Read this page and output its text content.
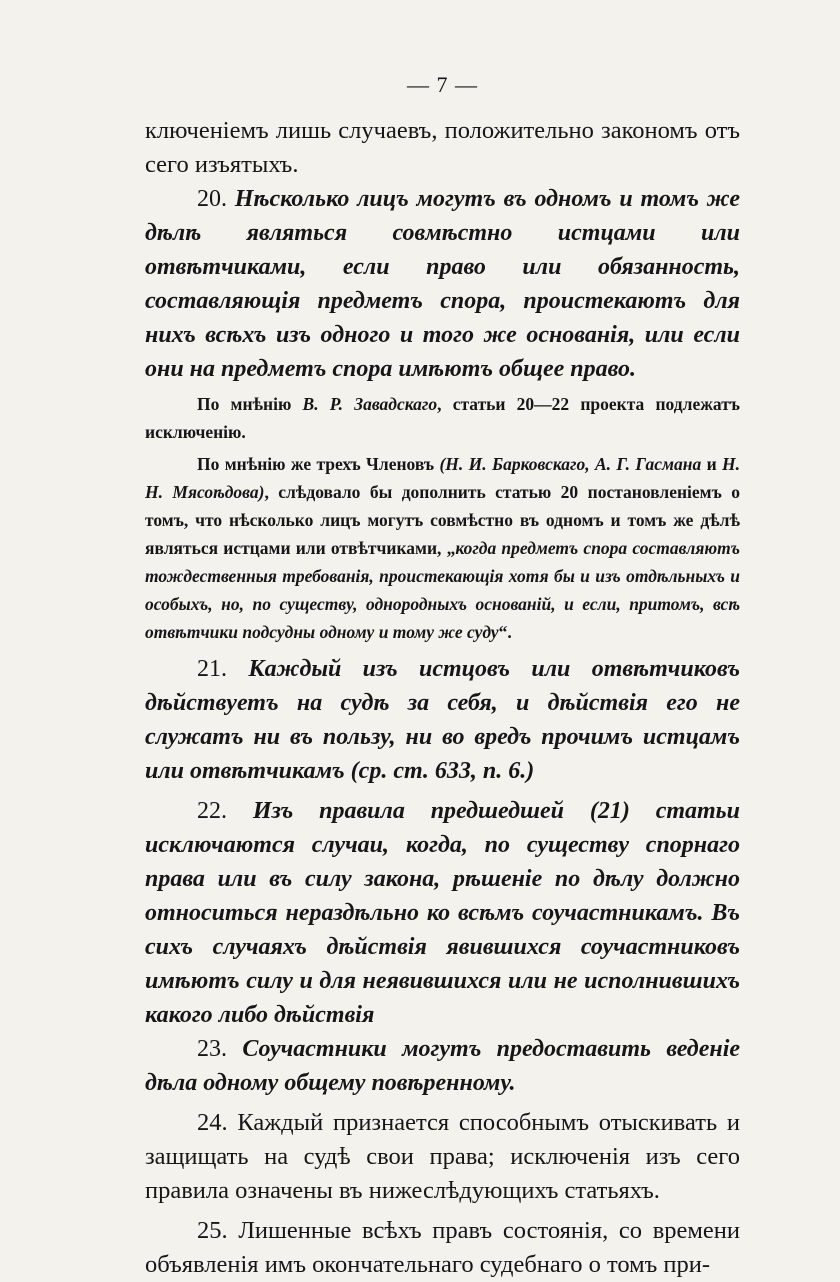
— 7 —

ключенiемъ лишь случаевъ, положительно закономъ отъ сего изъятыхъ.

20. Нѣсколько лицъ могутъ въ одномъ и томъ же дѣлѣ являться совмѣстно истцами или отвѣтчиками, если право или обязанность, составляющiя предметъ спора, проистекаютъ для нихъ всѣхъ изъ одного и того же основанiя, или если они на предметъ спора имѣютъ общее право.

По мнѣнiю В. Р. Завадскаго, статьи 20—22 проекта подлежатъ исключенiю.

По мнѣнiю же трехъ Членовъ (Н. И. Барковскаго, А. Г. Гасмана и Н. Н. Мясоѣдова), слѣдовало бы дополнить статью 20 постановленiемъ о томъ, что нѣсколько лицъ могутъ совмѣстно въ одномъ и томъ же дѣлѣ являться истцами или отвѣтчиками, „когда предметъ спора составляютъ тождественныя требованiя, проистекающiя хотя бы и изъ отдѣльныхъ и особыхъ, но, по существу, однородныхъ основанiй, и если, притомъ, всѣ отвѣтчики подсудны одному и тому же суду“.

21. Каждый изъ истцовъ или отвѣтчиковъ дѣйствуетъ на судѣ за себя, и дѣйствiя его не служатъ ни въ пользу, ни во вредъ прочимъ истцамъ или отвѣтчикамъ (ср. ст. 633, п. 6.)

22. Изъ правила предшедшей (21) статьи исключаются случаи, когда, по существу спорнаго права или въ силу закона, рѣшенiе по дѣлу должно относиться нераздѣльно ко всѣмъ соучастникамъ. Въ сихъ случаяхъ дѣйствiя явившихся соучастниковъ имѣютъ силу и для неявившихся или не исполнившихъ какого либо дѣйствiя

23. Соучастники могутъ предоставить веденiе дѣла одному общему повѣренному.

24. Каждый признается способнымъ отыскивать и защищать на судѣ свои права; исключенiя изъ сего правила означены въ нижеслѣдующихъ статьяхъ.

25. Лишенные всѣхъ правъ состоянiя, со времени объявленiя имъ окончательнаго судебнаго о томъ при-
